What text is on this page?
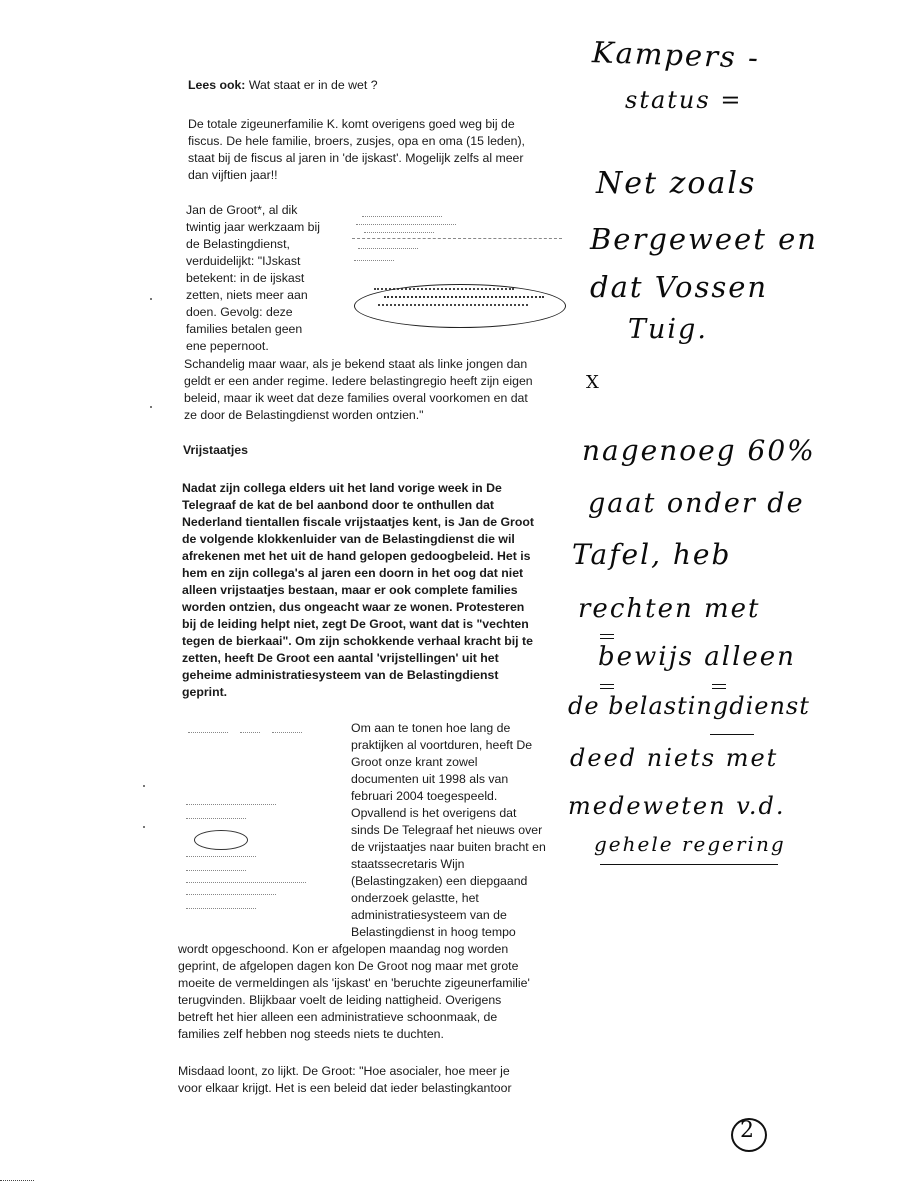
Lees ook: Wat staat er in de wet ?
De totale zigeunerfamilie K. komt overigens goed weg bij de
fiscus. De hele familie, broers, zusjes, opa en oma (15 leden),
staat bij de fiscus al jaren in 'de ijskast'. Mogelijk zelfs al meer
dan vijftien jaar!!
Jan de Groot*, al dik
twintig jaar werkzaam bij
de Belastingdienst,
verduidelijkt: "IJskast
betekent: in de ijskast
zetten, niets meer aan
doen. Gevolg: deze
families betalen geen
ene pepernoot.
Schandelig maar waar, als je bekend staat als linke jongen dan
geldt er een ander regime. Iedere belastingregio heeft zijn eigen
beleid, maar ik weet dat deze families overal voorkomen en dat
ze door de Belastingdienst worden ontzien."
Vrijstaatjes
Nadat zijn collega elders uit het land vorige week in De
Telegraaf de kat de bel aanbond door te onthullen dat
Nederland tientallen fiscale vrijstaatjes kent, is Jan de Groot
de volgende klokkenluider van de Belastingdienst die wil
afrekenen met het uit de hand gelopen gedoogbeleid. Het is
hem en zijn collega's al jaren een doorn in het oog dat niet
alleen vrijstaatjes bestaan, maar er ook complete families
worden ontzien, dus ongeacht waar ze wonen. Protesteren
bij de leiding helpt niet, zegt De Groot, want dat is "vechten
tegen de bierkaai". Om zijn schokkende verhaal kracht bij te
zetten, heeft De Groot een aantal 'vrijstellingen' uit het
geheime administratiesysteem van de Belastingdienst
geprint.
Om aan te tonen hoe lang de
praktijken al voortduren, heeft De
Groot onze krant zowel
documenten uit 1998 als van
februari 2004 toegespeeld.
Opvallend is het overigens dat
sinds De Telegraaf het nieuws over
de vrijstaatjes naar buiten bracht en
staatssecretaris Wijn
(Belastingzaken) een diepgaand
onderzoek gelastte, het
administratiesysteem van de
Belastingdienst in hoog tempo
wordt opgeschoond. Kon er afgelopen maandag nog worden
geprint, de afgelopen dagen kon De Groot nog maar met grote
moeite de vermeldingen als 'ijskast' en 'beruchte zigeunerfamilie'
terugvinden. Blijkbaar voelt de leiding nattigheid. Overigens
betreft het hier alleen een administratieve schoonmaak, de
families zelf hebben nog steeds niets te duchten.
Misdaad loont, zo lijkt. De Groot: "Hoe asocialer, hoe meer je
voor elkaar krijgt. Het is een beleid dat ieder belastingkantoor
Kampers -
status =
Net zoals
Bergeweet en
dat Vossen
Tuig.
X
nagenoeg 60%
gaat onder de
Tafel, heb
rechten met
bewijs alleen
de belastingdienst
deed niets met
medeweten v.d.
gehele regering
2
